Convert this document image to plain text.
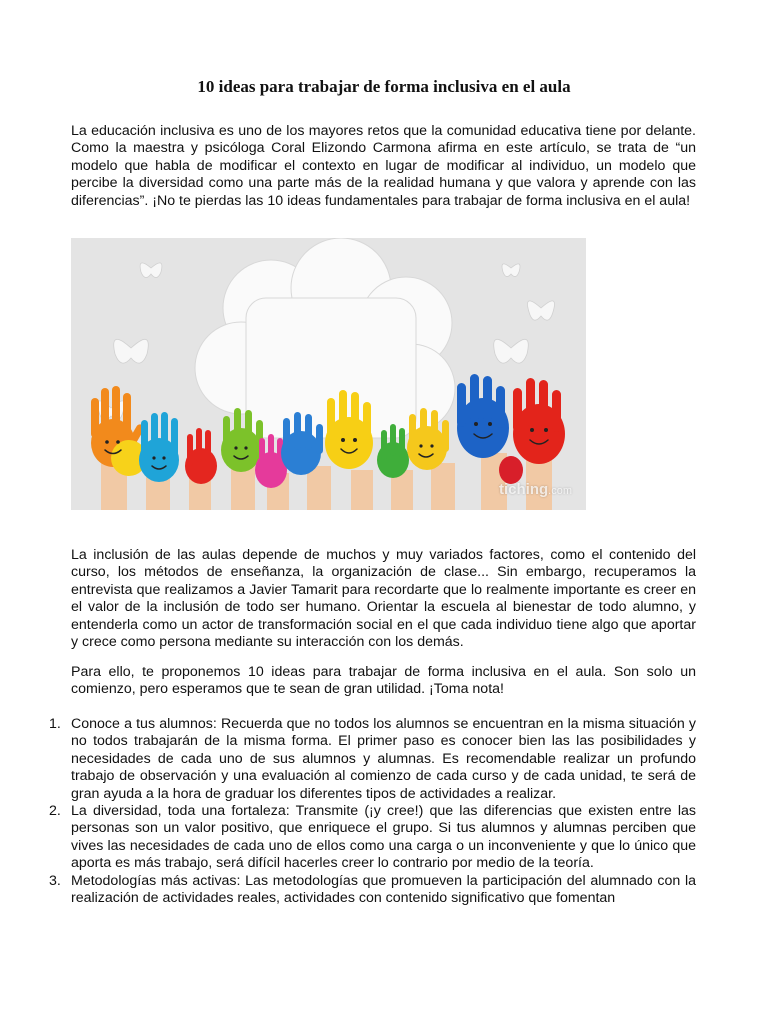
10 ideas para trabajar de forma inclusiva en el aula

La educación inclusiva es uno de los mayores retos que la comunidad educativa tiene por delante. Como la maestra y psicóloga Coral Elizondo Carmona afirma en este artículo, se trata de “un modelo que habla de modificar el contexto en lugar de modificar al individuo, un modelo que percibe la diversidad como una parte más de la realidad humana y que valora y aprende con las diferencias”. ¡No te pierdas las 10 ideas fundamentales para trabajar de forma inclusiva en el aula!

tiching.com

La inclusión de las aulas depende de muchos y muy variados factores, como el contenido del curso, los métodos de enseñanza, la organización de clase... Sin embargo, recuperamos la entrevista que realizamos a Javier Tamarit para recordarte que lo realmente importante es creer en el valor de la inclusión de todo ser humano. Orientar la escuela al bienestar de todo alumno, y entenderla como un actor de transformación social en el que cada individuo tiene algo que aportar y crece como persona mediante su interacción con los demás.

Para ello, te proponemos 10 ideas para trabajar de forma inclusiva en el aula. Son solo un comienzo, pero esperamos que te sean de gran utilidad. ¡Toma nota!

1. Conoce a tus alumnos: Recuerda que no todos los alumnos se encuentran en la misma situación y no todos trabajarán de la misma forma. El primer paso es conocer bien las las posibilidades y necesidades de cada uno de sus alumnos y alumnas. Es recomendable realizar un profundo trabajo de observación y una evaluación al comienzo de cada curso y de cada unidad, te será de gran ayuda a la hora de graduar los diferentes tipos de actividades a realizar.
2. La diversidad, toda una fortaleza: Transmite (¡y cree!) que las diferencias que existen entre las personas son un valor positivo, que enriquece el grupo. Si tus alumnos y alumnas perciben que vives las necesidades de cada uno de ellos como una carga o un inconveniente y que lo único que aporta es más trabajo, será difícil hacerles creer lo contrario por medio de la teoría.
3. Metodologías más activas: Las metodologías que promueven la participación del alumnado con la realización de actividades reales, actividades con contenido significativo que fomentan
